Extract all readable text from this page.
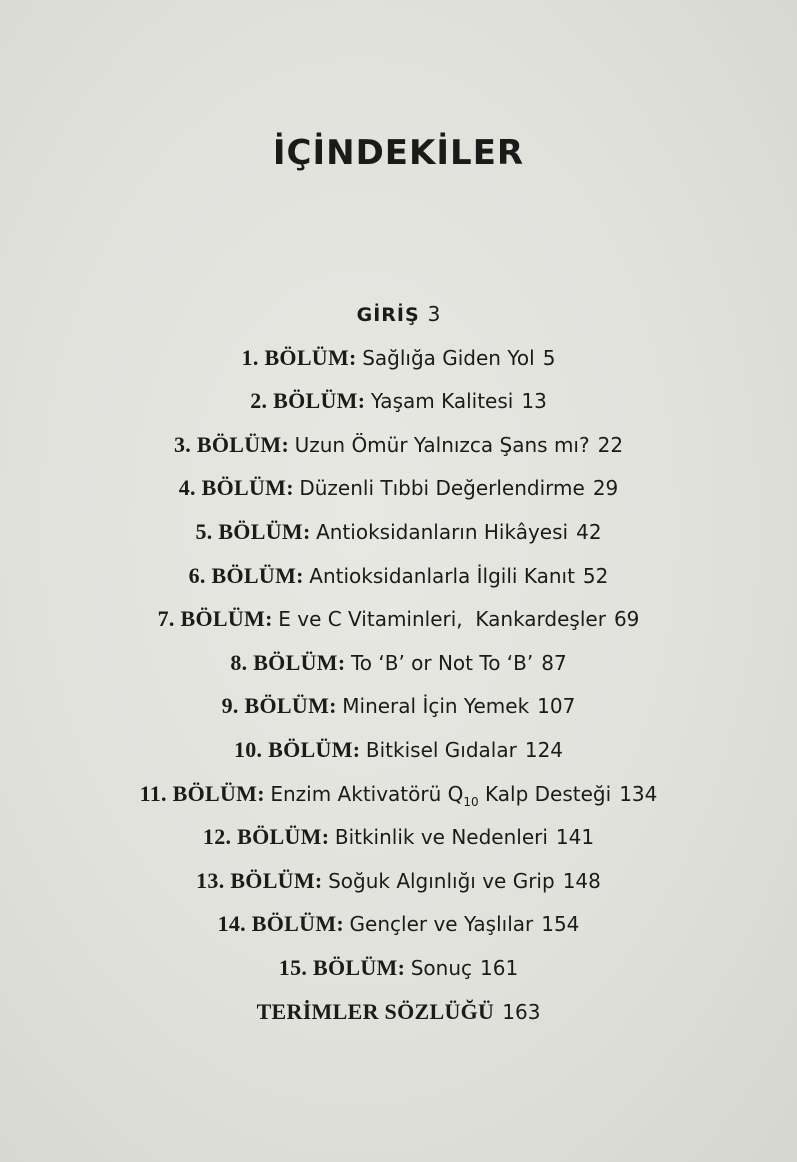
İÇİNDEKİLER
GİRİŞ 3
1. BÖLÜM: Sağlığa Giden Yol 5
2. BÖLÜM: Yaşam Kalitesi 13
3. BÖLÜM: Uzun Ömür Yalnızca Şans mı? 22
4. BÖLÜM: Düzenli Tıbbi Değerlendirme 29
5. BÖLÜM: Antioksidanların Hikâyesi 42
6. BÖLÜM: Antioksidanlarla İlgili Kanıt 52
7. BÖLÜM: E ve C Vitaminleri,  Kankardeşler 69
8. BÖLÜM: To ‘B’ or Not To ‘B’ 87
9. BÖLÜM: Mineral İçin Yemek 107
10. BÖLÜM: Bitkisel Gıdalar 124
11. BÖLÜM: Enzim Aktivatörü $Q_{10}$ Kalp Desteği 134
12. BÖLÜM: Bitkinlik ve Nedenleri 141
13. BÖLÜM: Soğuk Algınlığı ve Grip 148
14. BÖLÜM: Gençler ve Yaşlılar 154
15. BÖLÜM: Sonuç 161
TERİMLER SÖZLÜĞÜ 163
